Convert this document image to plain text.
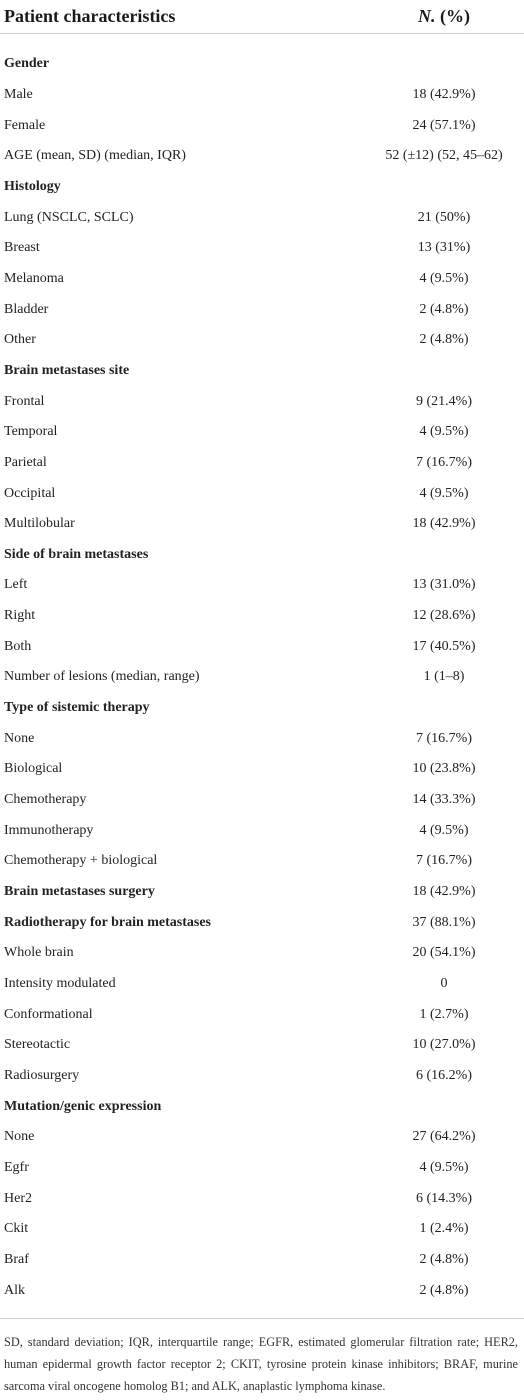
Patient characteristics	N. (%)
Gender
Male	18 (42.9%)
Female	24 (57.1%)
AGE (mean, SD) (median, IQR)	52 (±12) (52, 45–62)
Histology
Lung (NSCLC, SCLC)	21 (50%)
Breast	13 (31%)
Melanoma	4 (9.5%)
Bladder	2 (4.8%)
Other	2 (4.8%)
Brain metastases site
Frontal	9 (21.4%)
Temporal	4 (9.5%)
Parietal	7 (16.7%)
Occipital	4 (9.5%)
Multilobular	18 (42.9%)
Side of brain metastases
Left	13 (31.0%)
Right	12 (28.6%)
Both	17 (40.5%)
Number of lesions (median, range)	1 (1–8)
Type of sistemic therapy
None	7 (16.7%)
Biological	10 (23.8%)
Chemotherapy	14 (33.3%)
Immunotherapy	4 (9.5%)
Chemotherapy + biological	7 (16.7%)
Brain metastases surgery	18 (42.9%)
Radiotherapy for brain metastases	37 (88.1%)
Whole brain	20 (54.1%)
Intensity modulated	0
Conformational	1 (2.7%)
Stereotactic	10 (27.0%)
Radiosurgery	6 (16.2%)
Mutation/genic expression
None	27 (64.2%)
Egfr	4 (9.5%)
Her2	6 (14.3%)
Ckit	1 (2.4%)
Braf	2 (4.8%)
Alk	2 (4.8%)
SD, standard deviation; IQR, interquartile range; EGFR, estimated glomerular filtration rate; HER2, human epidermal growth factor receptor 2; CKIT, tyrosine protein kinase inhibitors; BRAF, murine sarcoma viral oncogene homolog B1; and ALK, anaplastic lymphoma kinase.
